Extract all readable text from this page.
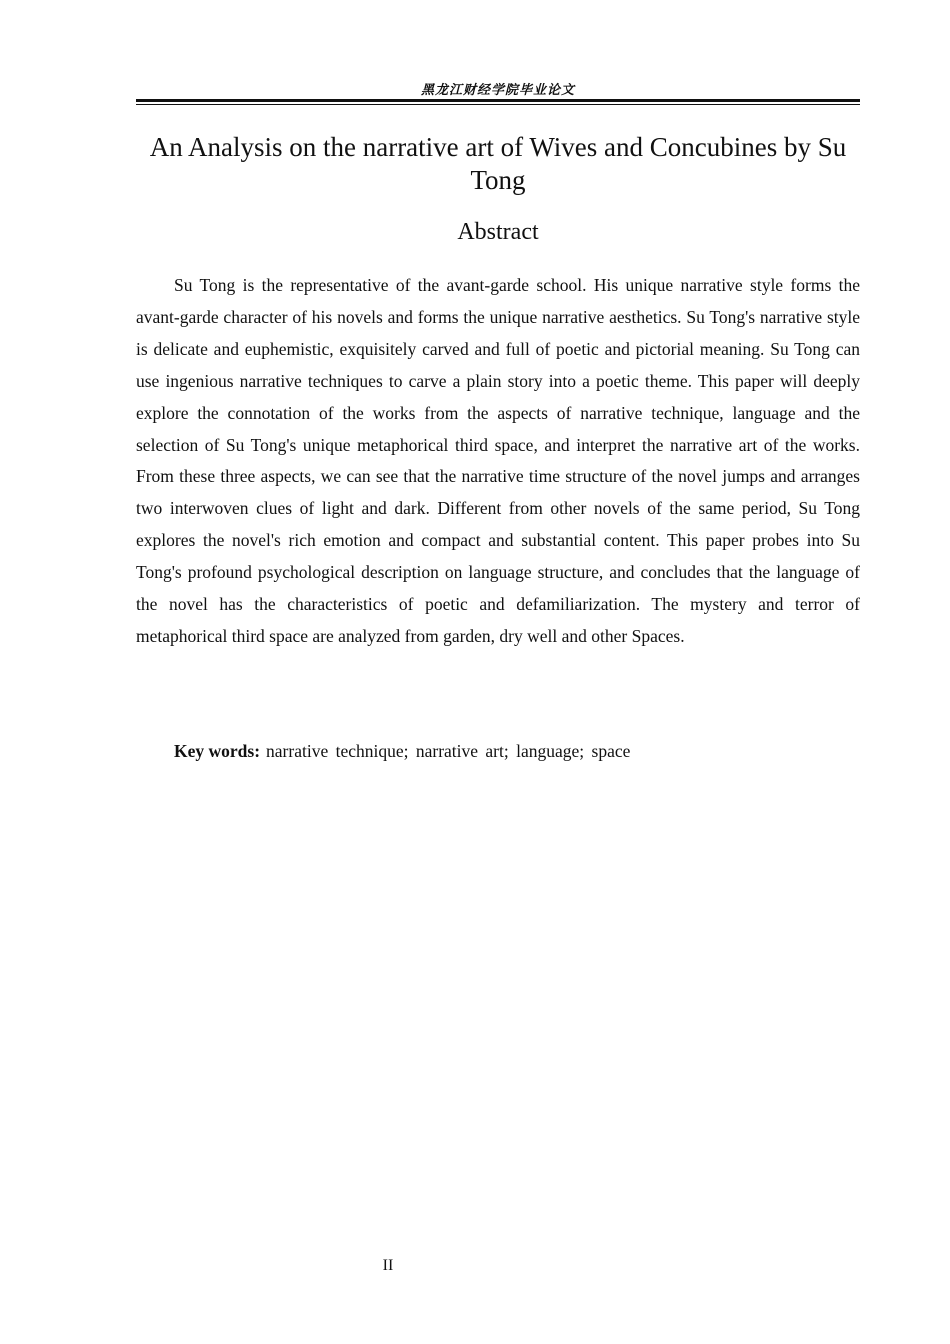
黑龙江财经学院毕业论文
An Analysis on the narrative art of Wives and Concubines by Su Tong
Abstract

Su Tong is the representative of the avant-garde school. His unique narrative style forms the avant-garde character of his novels and forms the unique narrative aesthetics. Su Tong's narrative style is delicate and euphemistic, exquisitely carved and full of poetic and pictorial meaning. Su Tong can use ingenious narrative techniques to carve a plain story into a poetic theme. This paper will deeply explore the connotation of the works from the aspects of narrative technique, language and the selection of Su Tong's unique metaphorical third space, and interpret the narrative art of the works. From these three aspects, we can see that the narrative time structure of the novel jumps and arranges two interwoven clues of light and dark. Different from other novels of the same period, Su Tong explores the novel's rich emotion and compact and substantial content. This paper probes into Su Tong's profound psychological description on language structure, and concludes that the language of the novel has the characteristics of poetic and defamiliarization. The mystery and terror of metaphorical third space are analyzed from garden, dry well and other Spaces.

Key words: narrative technique; narrative art; language; space

II
